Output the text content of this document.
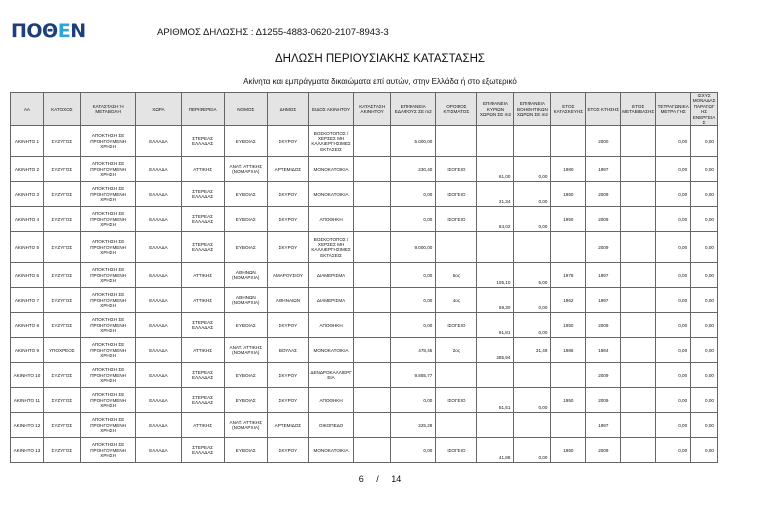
ΠΟΘΕΝ	ΑΡΙΘΜΟΣ ΔΗΛΩΣΗΣ : Δ1255-4883-0620-2107-8943-3
ΔΗΛΩΣΗ ΠΕΡΙΟΥΣΙΑΚΗΣ ΚΑΤΑΣΤΑΣΗΣ
Ακίνητα και εμπράγματα δικαιώματα επί αυτών, στην Ελλάδα ή στο εξωτερικό
ΑΑ	ΚΑΤΟΧΟΣ	ΚΑΤΑΣΤΑΣΗ Ή ΜΕΤΑΒΟΛΗ	ΧΩΡΑ	ΠΕΡΙΦΕΡΕΙΑ	ΝΟΜΟΣ	ΔΗΜΟΣ	ΕΙΔΟΣ ΑΚΙΝΗΤΟΥ	ΚΑΤΑΣΤΑΣΗ ΑΚΙΝΗΤΟΥ	ΕΠΙΦΑΝΕΙΑ ΕΔΑΦΟΥΣ ΣΕ m2	ΟΡΟΦΟΣ ΚΤΙΣΜΑΤΟΣ	ΕΠΙΦΑΝΕΙΑ ΚΥΡΙΩΝ ΧΩΡΩΝ ΣΕ m2	ΕΠΙΦΑΝΕΙΑ ΒΟΗΘΗΤΙΚΩΝ ΧΩΡΩΝ ΣΕ m2	ΕΤΟΣ ΚΑΤΑΣΚΕΥΗΣ	ΕΤΟΣ ΚΤΗΣΗΣ	ΕΤΟΣ ΜΕΤΑΒΙΒΑΣΗΣ	ΤΕΤΡΑΓΩΝΙΚΑ ΜΕΤΡΑ ΓΗΣ	ΙΣΧΥΣ ΜΟΝΑΔΑΣ ΠΑΡΑΓΩΓΗΣ ΕΝΕΡΓΕΙΑΣ
ΑΚΙΝΗΤΟ 1	ΣΥΖΥΓΟΣ	ΑΠΟΚΤΗΣΗ ΣΕ ΠΡΟΗΓΟΥΜΕΝΗ ΧΡΗΣΗ	ΕΛΛΑΔΑ	ΣΤΕΡΕΑΣ ΕΛΛΑΔΑΣ	ΕΥΒΟΙΑΣ	ΣΚΥΡΟΥ	ΒΟΣΚΟΤΟΠΟΣ / ΧΕΡΣΕΣ ΜΗ ΚΑΛΛΙΕΡΓΗΣΙΜΕΣ ΕΚΤΑΣΕΙΣ		5.000,00					2000		0,00	0,00
ΑΚΙΝΗΤΟ 2	ΣΥΖΥΓΟΣ	ΑΠΟΚΤΗΣΗ ΣΕ ΠΡΟΗΓΟΥΜΕΝΗ ΧΡΗΣΗ	ΕΛΛΑΔΑ	ΑΤΤΙΚΗΣ	ΑΝΑΤ. ΑΤΤΙΚΗΣ (ΝΟΜΑΡΧΙΑ)	ΑΡΤΕΜΙΔΟΣ	ΜΟΝΟΚΑΤΟΙΚΙΑ		230,40	ΙΣΟΓΕΙΟ	61,00	0,00	1980	1997		0,00	0,00
ΑΚΙΝΗΤΟ 3	ΣΥΖΥΓΟΣ	ΑΠΟΚΤΗΣΗ ΣΕ ΠΡΟΗΓΟΥΜΕΝΗ ΧΡΗΣΗ	ΕΛΛΑΔΑ	ΣΤΕΡΕΑΣ ΕΛΛΑΔΑΣ	ΕΥΒΟΙΑΣ	ΣΚΥΡΟΥ	ΜΟΝΟΚΑΤΟΙΚΙΑ		0,00	ΙΣΟΓΕΙΟ	21,34	0,00	1950	2009		0,00	0,00
ΑΚΙΝΗΤΟ 4	ΣΥΖΥΓΟΣ	ΑΠΟΚΤΗΣΗ ΣΕ ΠΡΟΗΓΟΥΜΕΝΗ ΧΡΗΣΗ	ΕΛΛΑΔΑ	ΣΤΕΡΕΑΣ ΕΛΛΑΔΑΣ	ΕΥΒΟΙΑΣ	ΣΚΥΡΟΥ	ΑΠΟΘΗΚΗ		0,00	ΙΣΟΓΕΙΟ	64,02	0,00	1950	2009		0,00	0,00
ΑΚΙΝΗΤΟ 5	ΣΥΖΥΓΟΣ	ΑΠΟΚΤΗΣΗ ΣΕ ΠΡΟΗΓΟΥΜΕΝΗ ΧΡΗΣΗ	ΕΛΛΑΔΑ	ΣΤΕΡΕΑΣ ΕΛΛΑΔΑΣ	ΕΥΒΟΙΑΣ	ΣΚΥΡΟΥ	ΒΟΣΚΟΤΟΠΟΣ / ΧΕΡΣΕΣ ΜΗ ΚΑΛΛΙΕΡΓΗΣΙΜΕΣ ΕΚΤΑΣΕΙΣ		9.000,00					2009		0,00	0,00
ΑΚΙΝΗΤΟ 6	ΣΥΖΥΓΟΣ	ΑΠΟΚΤΗΣΗ ΣΕ ΠΡΟΗΓΟΥΜΕΝΗ ΧΡΗΣΗ	ΕΛΛΑΔΑ	ΑΤΤΙΚΗΣ	ΑΘΗΝΩΝ (ΝΟΜΑΡΧΙΑ)	ΑΜΑΡΟΥΣΙΟΥ	ΔΙΑΜΕΡΙΣΜΑ		0,00	5ος	105,10	5,00	1978	1997		0,00	0,00
ΑΚΙΝΗΤΟ 7	ΣΥΖΥΓΟΣ	ΑΠΟΚΤΗΣΗ ΣΕ ΠΡΟΗΓΟΥΜΕΝΗ ΧΡΗΣΗ	ΕΛΛΑΔΑ	ΑΤΤΙΚΗΣ	ΑΘΗΝΩΝ (ΝΟΜΑΡΧΙΑ)	ΑΘΗΝΑΙΩΝ	ΔΙΑΜΕΡΙΣΜΑ		0,00	4ος	59,30	0,00	1962	1997		0,00	0,00
ΑΚΙΝΗΤΟ 8	ΣΥΖΥΓΟΣ	ΑΠΟΚΤΗΣΗ ΣΕ ΠΡΟΗΓΟΥΜΕΝΗ ΧΡΗΣΗ	ΕΛΛΑΔΑ	ΣΤΕΡΕΑΣ ΕΛΛΑΔΑΣ	ΕΥΒΟΙΑΣ	ΣΚΥΡΟΥ	ΑΠΟΘΗΚΗ		0,00	ΙΣΟΓΕΙΟ	91,81	0,00	1950	2009		0,00	0,00
ΑΚΙΝΗΤΟ 9	ΥΠΟΧΡΕΟΣ	ΑΠΟΚΤΗΣΗ ΣΕ ΠΡΟΗΓΟΥΜΕΝΗ ΧΡΗΣΗ	ΕΛΛΑΔΑ	ΑΤΤΙΚΗΣ	ΑΝΑΤ. ΑΤΤΙΚΗΣ (ΝΟΜΑΡΧΙΑ)	ΒΟΥΛΑΣ	ΜΟΝΟΚΑΤΟΙΚΙΑ		478,45	2ος	285,94	31,49	1986	1984		0,00	0,00
ΑΚΙΝΗΤΟ 10	ΣΥΖΥΓΟΣ	ΑΠΟΚΤΗΣΗ ΣΕ ΠΡΟΗΓΟΥΜΕΝΗ ΧΡΗΣΗ	ΕΛΛΑΔΑ	ΣΤΕΡΕΑΣ ΕΛΛΑΔΑΣ	ΕΥΒΟΙΑΣ	ΣΚΥΡΟΥ	ΔΕΝΔΡΟΚΑΛΛΙΕΡΓΕΙΑ		9.855,77					2009		0,00	0,00
ΑΚΙΝΗΤΟ 11	ΣΥΖΥΓΟΣ	ΑΠΟΚΤΗΣΗ ΣΕ ΠΡΟΗΓΟΥΜΕΝΗ ΧΡΗΣΗ	ΕΛΛΑΔΑ	ΣΤΕΡΕΑΣ ΕΛΛΑΔΑΣ	ΕΥΒΟΙΑΣ	ΣΚΥΡΟΥ	ΑΠΟΘΗΚΗ		0,00	ΙΣΟΓΕΙΟ	51,51	0,00	1950	2009		0,00	0,00
ΑΚΙΝΗΤΟ 12	ΣΥΖΥΓΟΣ	ΑΠΟΚΤΗΣΗ ΣΕ ΠΡΟΗΓΟΥΜΕΝΗ ΧΡΗΣΗ	ΕΛΛΑΔΑ	ΑΤΤΙΚΗΣ	ΑΝΑΤ. ΑΤΤΙΚΗΣ (ΝΟΜΑΡΧΙΑ)	ΑΡΤΕΜΙΔΟΣ	ΟΙΚΟΠΕΔΟ		225,28					1997		0,00	0,00
ΑΚΙΝΗΤΟ 13	ΣΥΖΥΓΟΣ	ΑΠΟΚΤΗΣΗ ΣΕ ΠΡΟΗΓΟΥΜΕΝΗ ΧΡΗΣΗ	ΕΛΛΑΔΑ	ΣΤΕΡΕΑΣ ΕΛΛΑΔΑΣ	ΕΥΒΟΙΑΣ	ΣΚΥΡΟΥ	ΜΟΝΟΚΑΤΟΙΚΙΑ		0,00	ΙΣΟΓΕΙΟ	41,88	0,00	1950	2009		0,00	0,00
6 / 14
